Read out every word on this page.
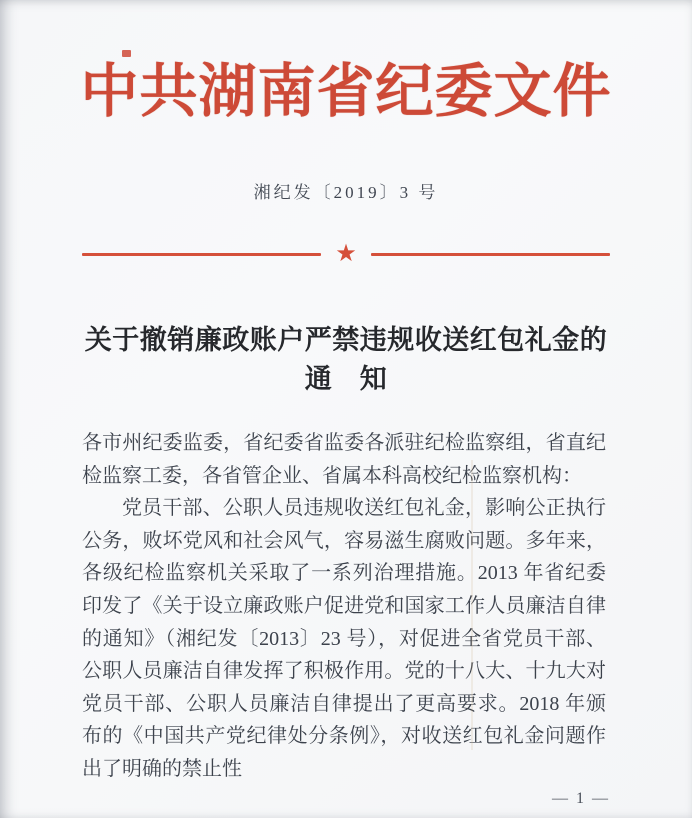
中共湖南省纪委文件
湘纪发〔2019〕3 号
★
关于撤销廉政账户严禁违规收送红包礼金的
通　知

各市州纪委监委，省纪委省监委各派驻纪检监察组，省直纪检监察工委，各省管企业、省属本科高校纪检监察机构：

党员干部、公职人员违规收送红包礼金，影响公正执行公务，败坏党风和社会风气，容易滋生腐败问题。多年来，各级纪检监察机关采取了一系列治理措施。2013 年省纪委印发了《关于设立廉政账户促进党和国家工作人员廉洁自律的通知》（湘纪发〔2013〕23 号），对促进全省党员干部、公职人员廉洁自律发挥了积极作用。党的十八大、十九大对党员干部、公职人员廉洁自律提出了更高要求。2018 年颁布的《中国共产党纪律处分条例》，对收送红包礼金问题作出了明确的禁止性

— 1 —
